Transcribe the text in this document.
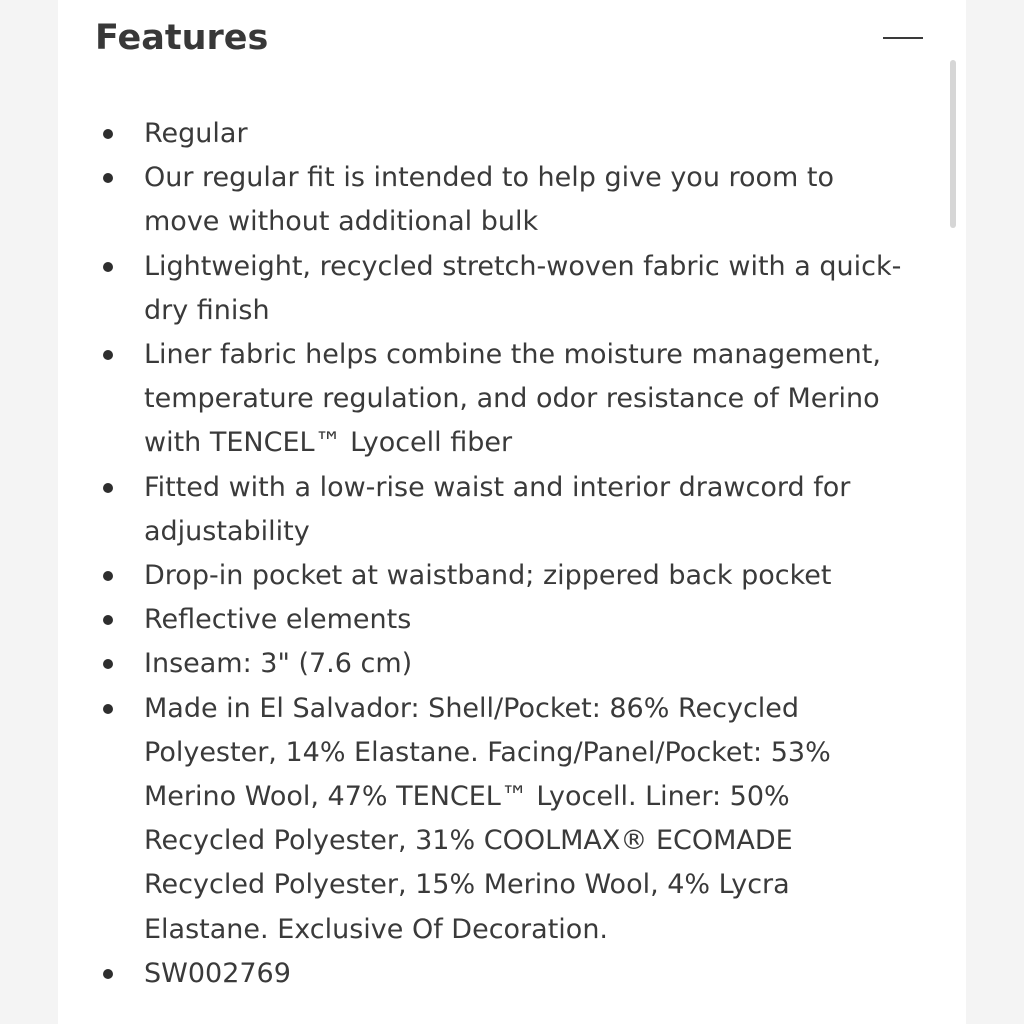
Features
Regular
Our regular fit is intended to help give you room to move without additional bulk
Lightweight, recycled stretch-woven fabric with a quick-dry finish
Liner fabric helps combine the moisture management, temperature regulation, and odor resistance of Merino with TENCEL™ Lyocell fiber
Fitted with a low-rise waist and interior drawcord for adjustability
Drop-in pocket at waistband; zippered back pocket
Reflective elements
Inseam: 3" (7.6 cm)
Made in El Salvador: Shell/Pocket: 86% Recycled Polyester, 14% Elastane. Facing/Panel/Pocket: 53% Merino Wool, 47% TENCEL™ Lyocell. Liner: 50% Recycled Polyester, 31% COOLMAX® ECOMADE Recycled Polyester, 15% Merino Wool, 4% Lycra Elastane. Exclusive Of Decoration.
SW002769
